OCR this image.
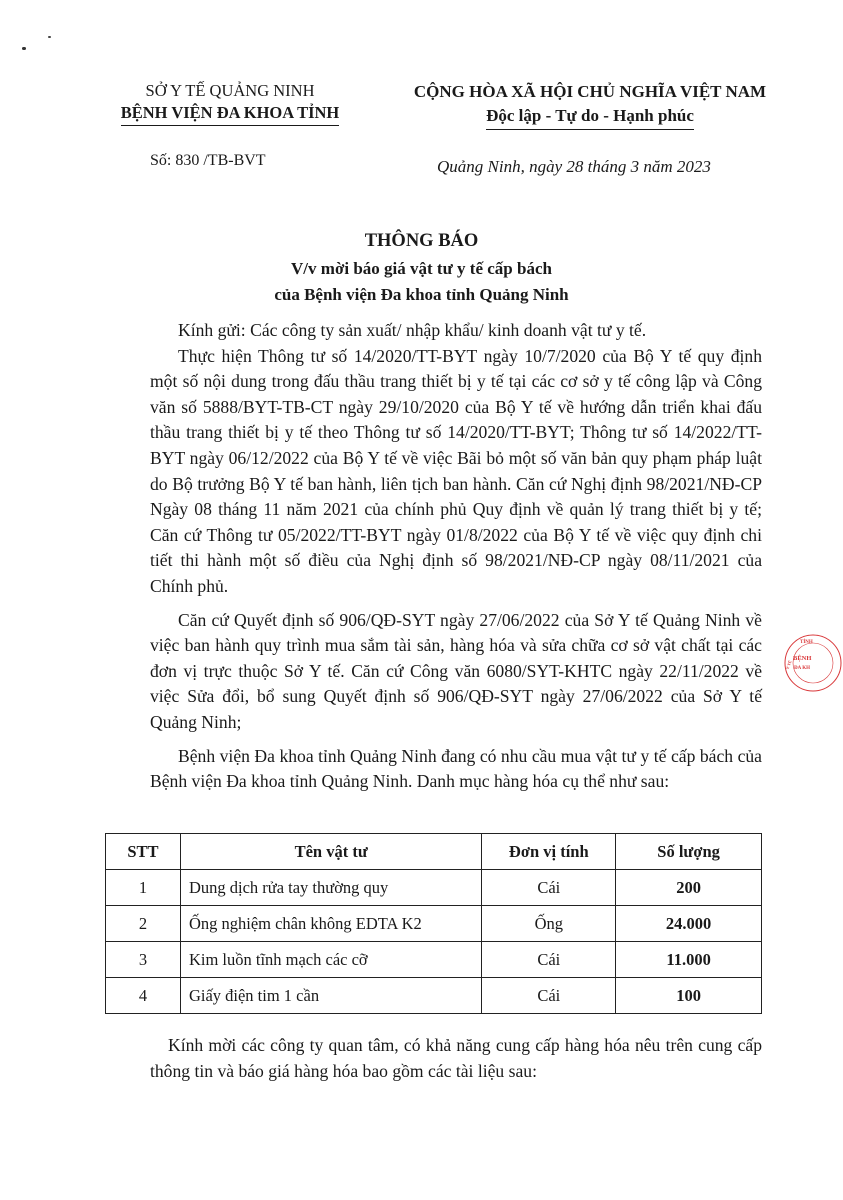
SỞ Y TẾ QUẢNG NINH
BỆNH VIỆN ĐA KHOA TỈNH
CỘNG HÒA XÃ HỘI CHỦ NGHĨA VIỆT NAM
Độc lập - Tự do - Hạnh phúc
Số: 830 /TB-BVT	Quảng Ninh, ngày 28 tháng 3 năm 2023
THÔNG BÁO
V/v mời báo giá vật tư y tế cấp bách
của Bệnh viện Đa khoa tỉnh Quảng Ninh

Kính gửi: Các công ty sản xuất/ nhập khẩu/ kinh doanh vật tư y tế.

Thực hiện Thông tư số 14/2020/TT-BYT ngày 10/7/2020 của Bộ Y tế quy định một số nội dung trong đấu thầu trang thiết bị y tế tại các cơ sở y tế công lập và Công văn số 5888/BYT-TB-CT ngày 29/10/2020 của Bộ Y tế về hướng dẫn triển khai đấu thầu trang thiết bị y tế theo Thông tư số 14/2020/TT-BYT; Thông tư số 14/2022/TT-BYT ngày 06/12/2022 của Bộ Y tế về việc Bãi bỏ một số văn bản quy phạm pháp luật do Bộ trưởng Bộ Y tế ban hành, liên tịch ban hành. Căn cứ Nghị định 98/2021/NĐ-CP Ngày 08 tháng 11 năm 2021 của chính phủ Quy định về quản lý trang thiết bị y tế; Căn cứ Thông tư 05/2022/TT-BYT ngày 01/8/2022 của Bộ Y tế về việc quy định chi tiết thi hành một số điều của Nghị định số 98/2021/NĐ-CP ngày 08/11/2021 của Chính phủ.

Căn cứ Quyết định số 906/QĐ-SYT ngày 27/06/2022 của Sở Y tế Quảng Ninh về việc ban hành quy trình mua sắm tài sản, hàng hóa và sửa chữa cơ sở vật chất tại các đơn vị trực thuộc Sở Y tế. Căn cứ Công văn 6080/SYT-KHTC ngày 22/11/2022 về việc Sửa đổi, bổ sung Quyết định số 906/QĐ-SYT ngày 27/06/2022 của Sở Y tế Quảng Ninh;

Bệnh viện Đa khoa tỉnh Quảng Ninh đang có nhu cầu mua vật tư y tế cấp bách của Bệnh viện Đa khoa tỉnh Quảng Ninh. Danh mục hàng hóa cụ thể như sau:

STT	Tên vật tư	Đơn vị tính	Số lượng
1	Dung dịch rửa tay thường quy	Cái	200
2	Ống nghiệm chân không EDTA K2	Ống	24.000
3	Kim luồn tĩnh mạch các cỡ	Cái	11.000
4	Giấy điện tim 1 cần	Cái	100

Kính mời các công ty quan tâm, có khả năng cung cấp hàng hóa nêu trên cung cấp thông tin và báo giá hàng hóa bao gồm các tài liệu sau:

TỈNH
BỆNH
ĐA KH
Y TẾ
